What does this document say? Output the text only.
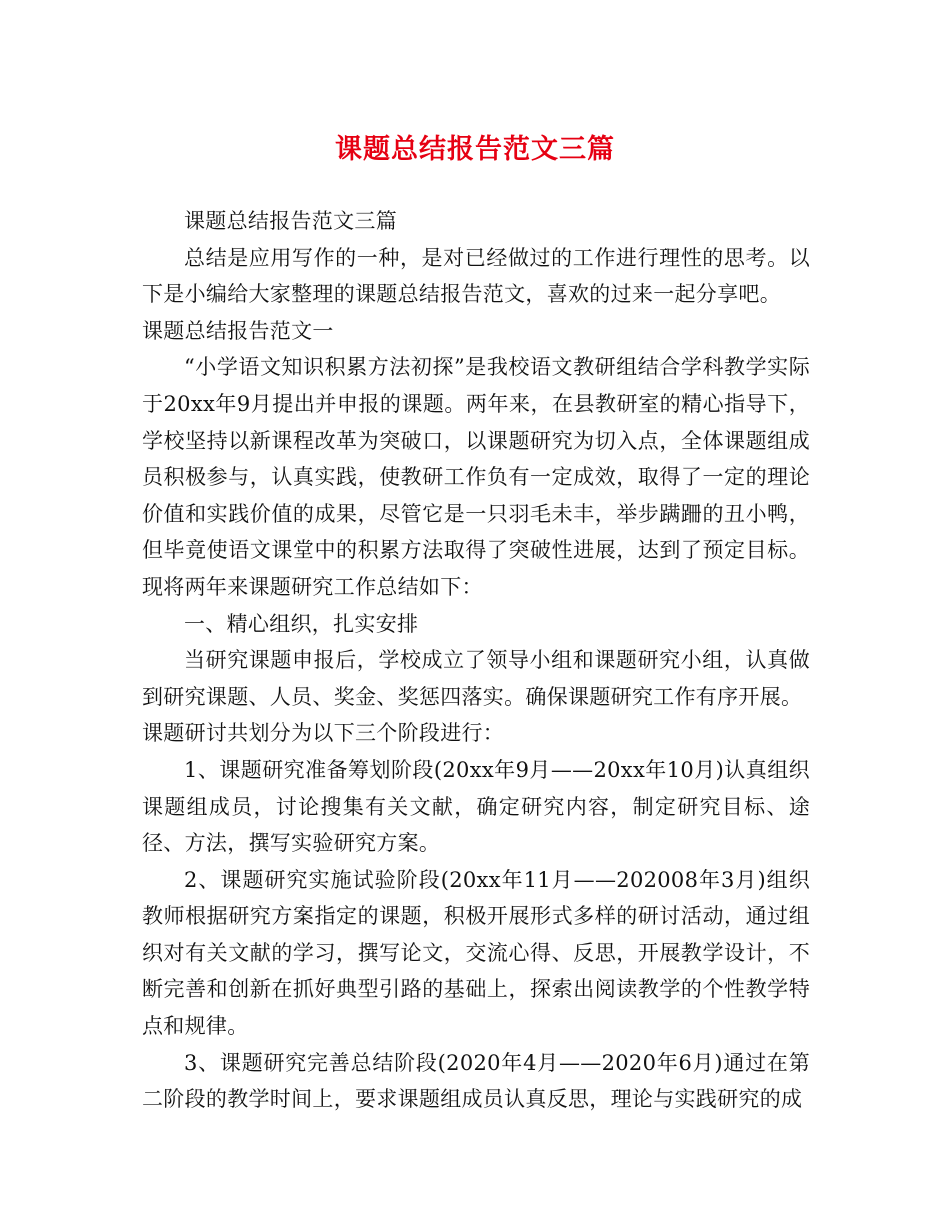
课题总结报告范文三篇

课题总结报告范文三篇

总结是应用写作的一种，是对已经做过的工作进行理性的思考。以下是小编给大家整理的课题总结报告范文，喜欢的过来一起分享吧。

课题总结报告范文一

“小学语文知识积累方法初探”是我校语文教研组结合学科教学实际于20xx年9月提出并申报的课题。两年来，在县教研室的精心指导下，学校坚持以新课程改革为突破口，以课题研究为切入点，全体课题组成员积极参与，认真实践，使教研工作负有一定成效，取得了一定的理论价值和实践价值的成果，尽管它是一只羽毛未丰，举步蹒跚的丑小鸭，但毕竟使语文课堂中的积累方法取得了突破性进展，达到了预定目标。现将两年来课题研究工作总结如下：

一、精心组织，扎实安排

当研究课题申报后，学校成立了领导小组和课题研究小组，认真做到研究课题、人员、奖金、奖惩四落实。确保课题研究工作有序开展。

课题研讨共划分为以下三个阶段进行：

1、课题研究准备筹划阶段(20xx年9月——20xx年10月)认真组织课题组成员，讨论搜集有关文献，确定研究内容，制定研究目标、途径、方法，撰写实验研究方案。

2、课题研究实施试验阶段(20xx年11月——202008年3月)组织教师根据研究方案指定的课题，积极开展形式多样的研讨活动，通过组织对有关文献的学习，撰写论文，交流心得、反思，开展教学设计，不断完善和创新在抓好典型引路的基础上，探索出阅读教学的个性教学特点和规律。

3、课题研究完善总结阶段(2020年4月——2020年6月)通过在第二阶段的教学时间上，要求课题组成员认真反思，理论与实践研究的成
